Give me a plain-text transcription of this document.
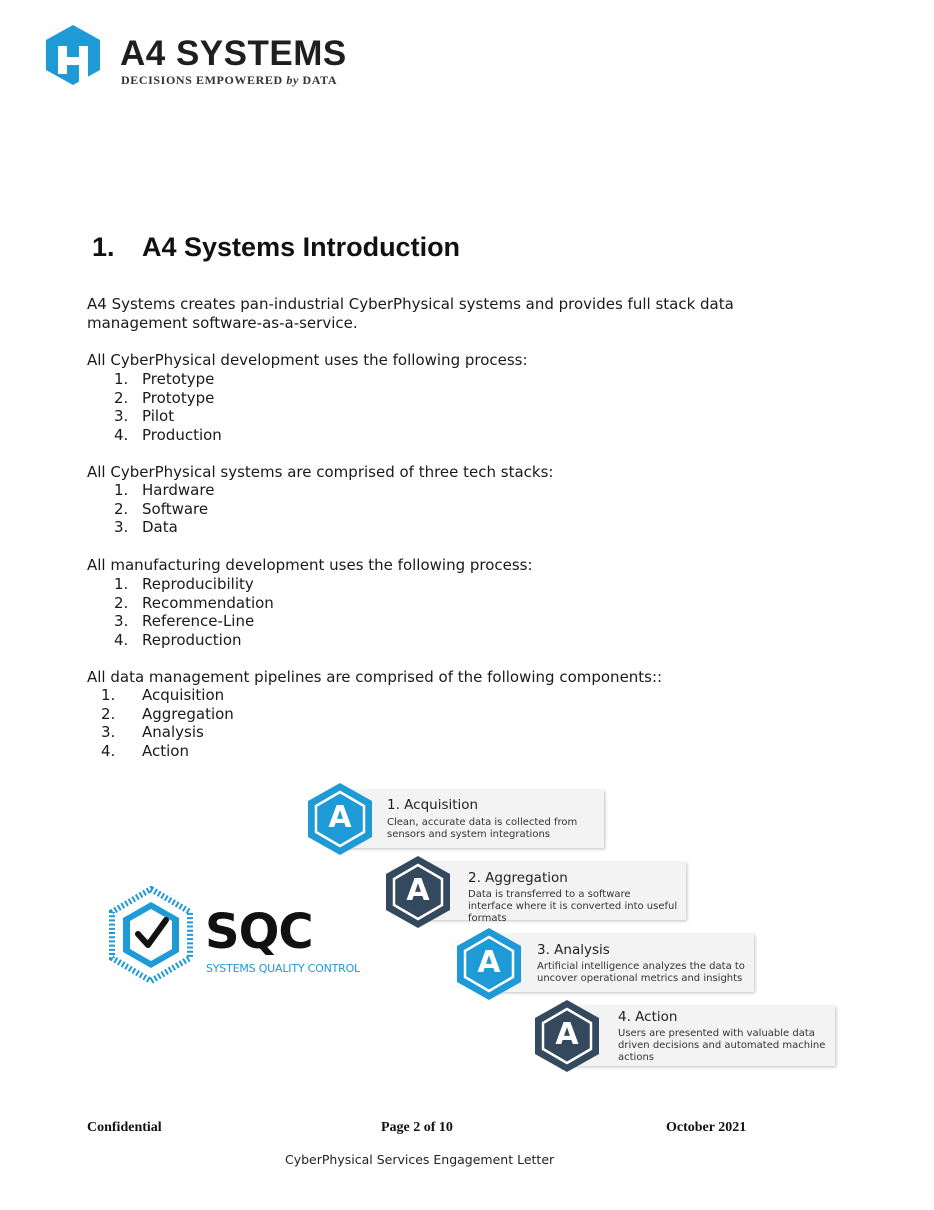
A4 SYSTEMS
DECISIONS EMPOWERED by DATA
1. A4 Systems Introduction
A4 Systems creates pan-industrial CyberPhysical systems and provides full stack data management software-as-a-service.
All CyberPhysical development uses the following process:
1. Pretotype
2. Prototype
3. Pilot
4. Production
All CyberPhysical systems are comprised of three tech stacks:
1. Hardware
2. Software
3. Data
All manufacturing development uses the following process:
1. Reproducibility
2. Recommendation
3. Reference-Line
4. Reproduction
All data management pipelines are comprised of the following components::
1. Acquisition
2. Aggregation
3. Analysis
4. Action
SQC
SYSTEMS QUALITY CONTROL
A	1. Acquisition
Clean, accurate data is collected from sensors and system integrations
A	2. Aggregation
Data is transferred to a software interface where it is converted into useful formats
A	3. Analysis
Artificial intelligence analyzes the data to uncover operational metrics and insights
A	4. Action
Users are presented with valuable data driven decisions and automated machine actions
Confidential	Page 2 of 10	October 2021
CyberPhysical Services Engagement Letter
